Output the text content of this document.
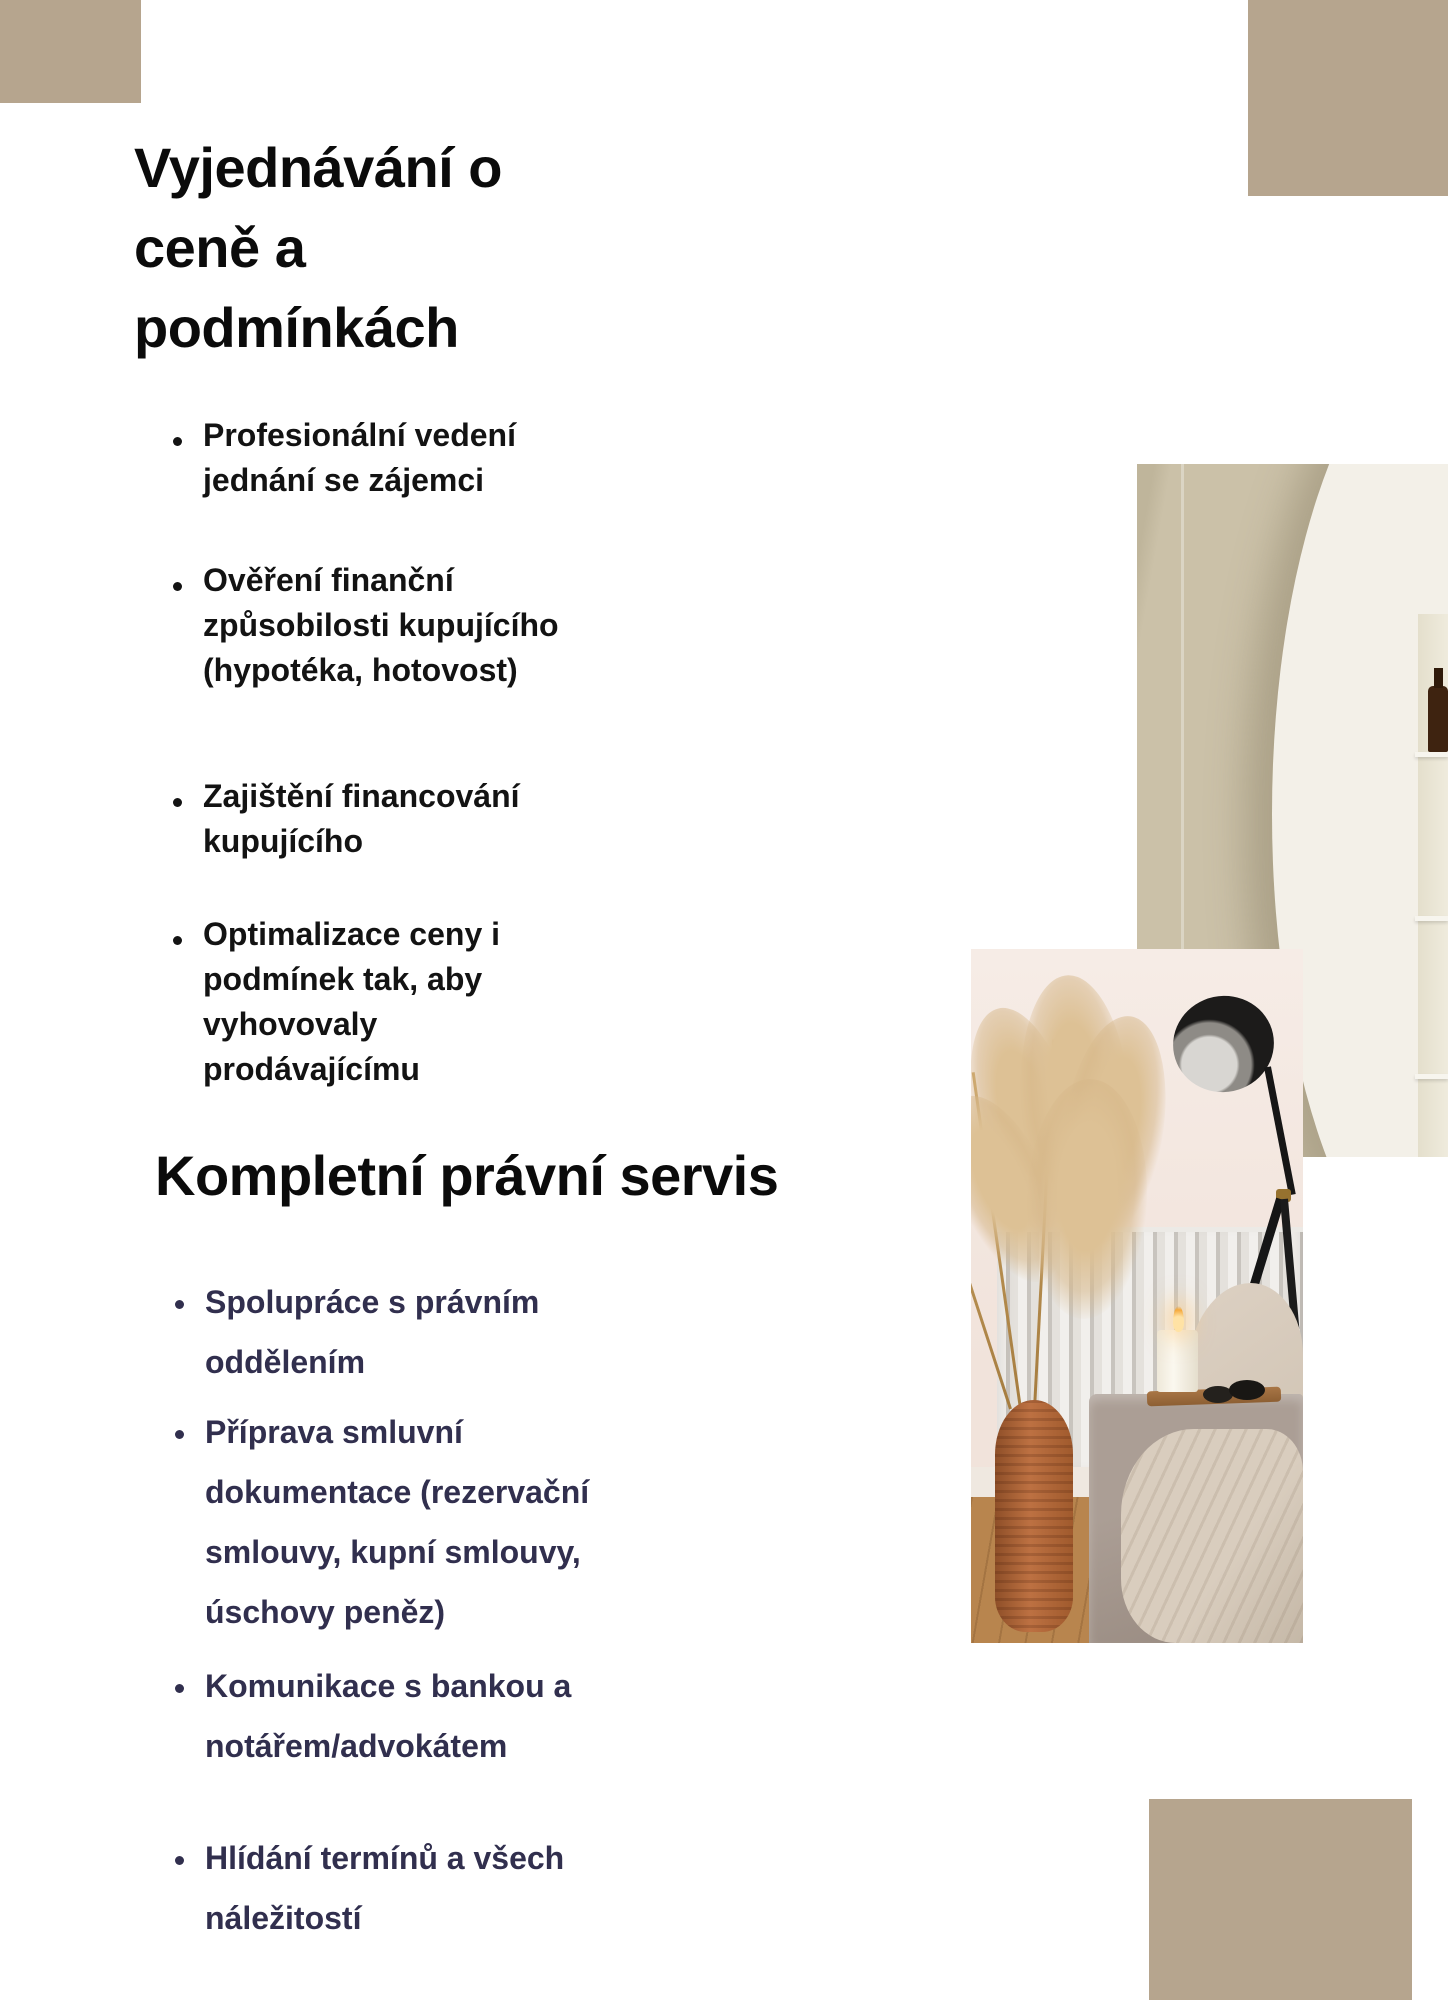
Vyjednávání o
ceně a
podmínkách
Profesionální vedení jednání se zájemci
Ověření finanční způsobilosti kupujícího (hypotéka, hotovost)
Zajištění financování kupujícího
Optimalizace ceny i podmínek tak, aby vyhovovaly prodávajícímu
Kompletní právní servis
Spolupráce s právním oddělením
Příprava smluvní dokumentace (rezervační smlouvy, kupní smlouvy, úschovy peněz)
Komunikace s bankou a notářem/advokátem
Hlídání termínů a všech náležitostí
